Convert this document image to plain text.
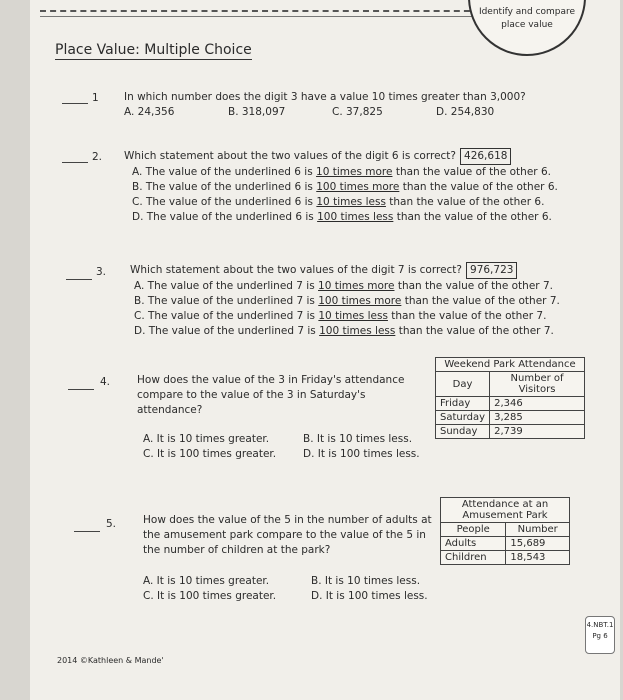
Identify and compare place value
Place Value: Multiple Choice
1 In which number does the digit 3 have a value 10 times greater than 3,000?
A. 24,356	B. 318,097	C. 37,825	D. 254,830
2. Which statement about the two values of the digit 6 is correct? 426,618
A. The value of the underlined 6 is 10 times more than the value of the other 6.
B. The value of the underlined 6 is 100 times more than the value of the other 6.
C. The value of the underlined 6 is 10 times less than the value of the other 6.
D. The value of the underlined 6 is 100 times less than the value of the other 6.
3. Which statement about the two values of the digit 7 is correct? 976,723
A. The value of the underlined 7 is 10 times more than the value of the other 7.
B. The value of the underlined 7 is 100 times more than the value of the other 7.
C. The value of the underlined 7 is 10 times less than the value of the other 7.
D. The value of the underlined 7 is 100 times less than the value of the other 7.
4.	How does the value of the 3 in Friday's attendance compare to the value of the 3 in Saturday's attendance?
A. It is 10 times greater.	B. It is 10 times less.
C. It is 100 times greater.	D. It is 100 times less.
Weekend Park Attendance	
Day	Number of Visitors
Friday	2,346
Saturday	3,285
Sunday	2,739
5.	How does the value of the 5 in the number of adults at the amusement park compare to the value of the 5 in the number of children at the park?
A. It is 10 times greater.	B. It is 10 times less.
C. It is 100 times greater.	D. It is 100 times less.
Attendance at an Amusement Park	
People	Number
Adults	15,689
Children	18,543
4.NBT.1
Pg 6
2014 ©Kathleen & Mande'
